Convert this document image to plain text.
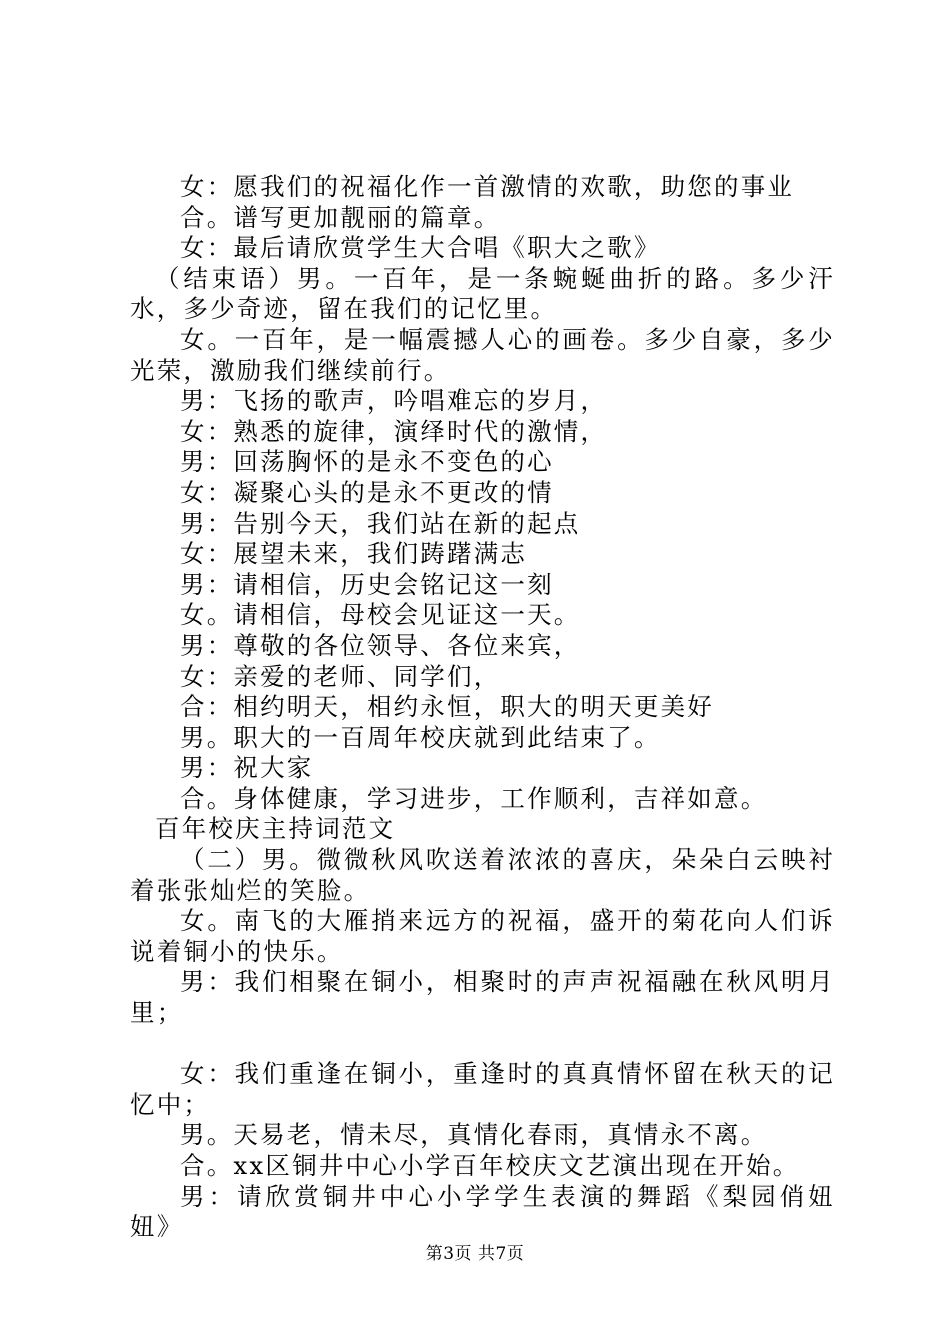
女：愿我们的祝福化作一首激情的欢歌，助您的事业

合。谱写更加靓丽的篇章。

女：最后请欣赏学生大合唱《职大之歌》

（结束语）男。一百年，是一条蜿蜒曲折的路。多少汗水，多少奇迹，留在我们的记忆里。

女。一百年，是一幅震撼人心的画卷。多少自豪，多少光荣，激励我们继续前行。

男：飞扬的歌声，吟唱难忘的岁月，

女：熟悉的旋律，演绎时代的激情，

男：回荡胸怀的是永不变色的心

女：凝聚心头的是永不更改的情

男：告别今天，我们站在新的起点

女：展望未来，我们踌躇满志

男：请相信，历史会铭记这一刻

女。请相信，母校会见证这一天。

男：尊敬的各位领导、各位来宾，

女：亲爱的老师、同学们，

合：相约明天，相约永恒，职大的明天更美好

男。职大的一百周年校庆就到此结束了。

男：祝大家

合。身体健康，学习进步，工作顺利，吉祥如意。

百年校庆主持词范文

（二）男。微微秋风吹送着浓浓的喜庆，朵朵白云映衬着张张灿烂的笑脸。

女。南飞的大雁捎来远方的祝福，盛开的菊花向人们诉说着铜小的快乐。

男：我们相聚在铜小，相聚时的声声祝福融在秋风明月里；

女：我们重逢在铜小，重逢时的真真情怀留在秋天的记忆中；

男。天易老，情未尽，真情化春雨，真情永不离。

合。xx区铜井中心小学百年校庆文艺演出现在开始。

男：请欣赏铜井中心小学学生表演的舞蹈《梨园俏妞妞》

第3页 共7页
